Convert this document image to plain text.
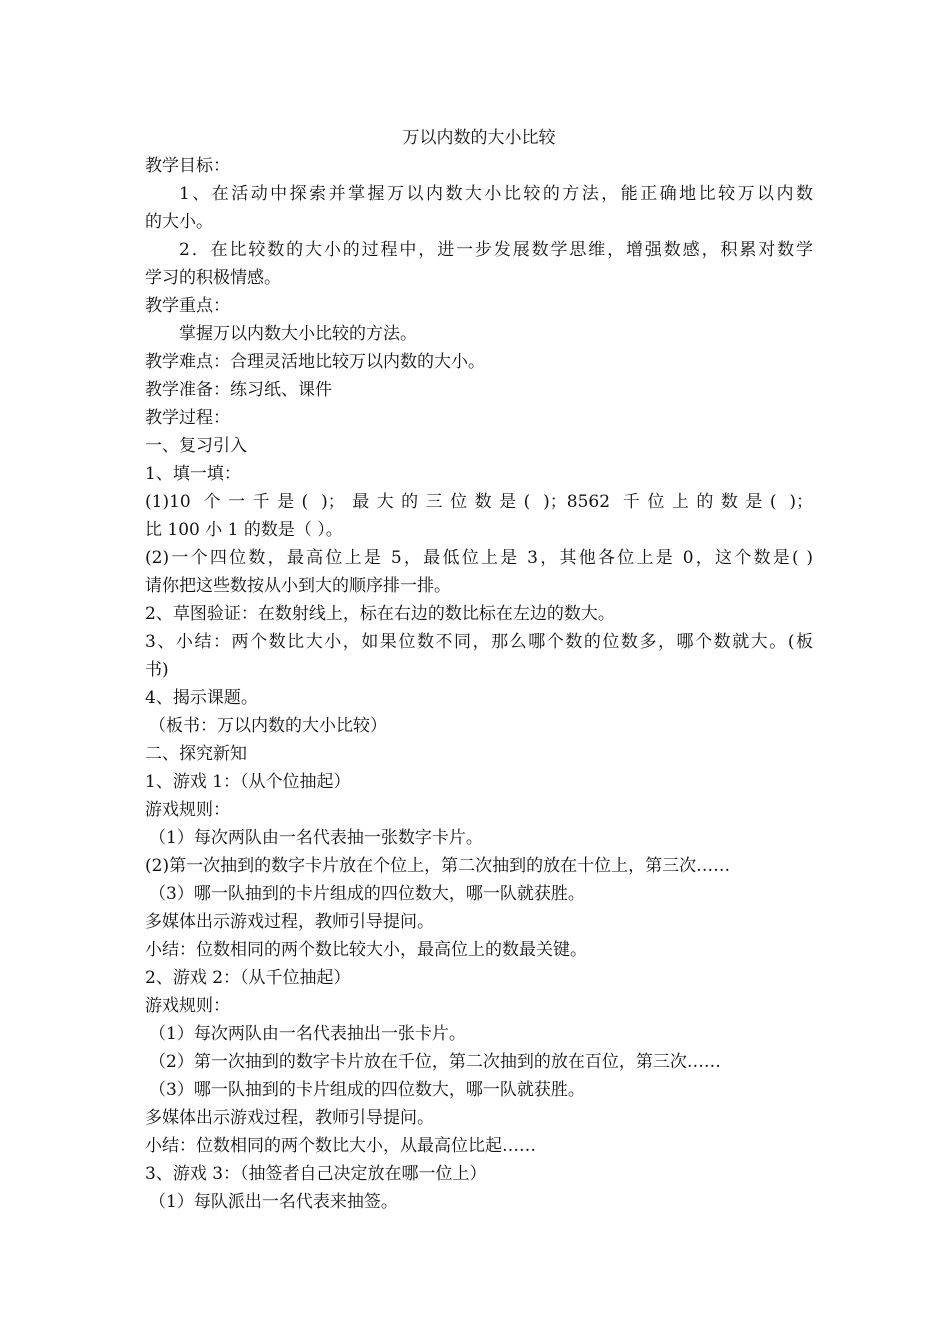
万以内数的大小比较

教学目标：

1、在活动中探索并掌握万以内数大小比较的方法，能正确地比较万以内数

的大小。

2．在比较数的大小的过程中，进一步发展数学思维，增强数感，积累对数学

学习的积极情感。

教学重点：

掌握万以内数大小比较的方法。

教学难点：合理灵活地比较万以内数的大小。

教学准备：练习纸、课件

教学过程：

一、复习引入

1、填一填：

(1)10 个一千是( )；最大的三位数是( )；8562 千位上的数是( )；

比 100 小 1 的数是（ ）。

(2)一个四位数，最高位上是 5，最低位上是 3，其他各位上是 0，这个数是( )

请你把这些数按从小到大的顺序排一排。

2、草图验证：在数射线上，标在右边的数比标在左边的数大。

3、小结：两个数比大小，如果位数不同，那么哪个数的位数多，哪个数就大。(板

书)

4、揭示课题。

（板书：万以内数的大小比较）

二、探究新知

1、游戏 1：（从个位抽起）

游戏规则：

（1）每次两队由一名代表抽一张数字卡片。

(2)第一次抽到的数字卡片放在个位上，第二次抽到的放在十位上，第三次……

（3）哪一队抽到的卡片组成的四位数大，哪一队就获胜。

多媒体出示游戏过程，教师引导提问。

小结：位数相同的两个数比较大小，最高位上的数最关键。

2、游戏 2：（从千位抽起）

游戏规则：

（1）每次两队由一名代表抽出一张卡片。

（2）第一次抽到的数字卡片放在千位，第二次抽到的放在百位，第三次……

（3）哪一队抽到的卡片组成的四位数大，哪一队就获胜。

多媒体出示游戏过程，教师引导提问。

小结：位数相同的两个数比大小，从最高位比起……

3、游戏 3：（抽签者自己决定放在哪一位上）

（1）每队派出一名代表来抽签。
